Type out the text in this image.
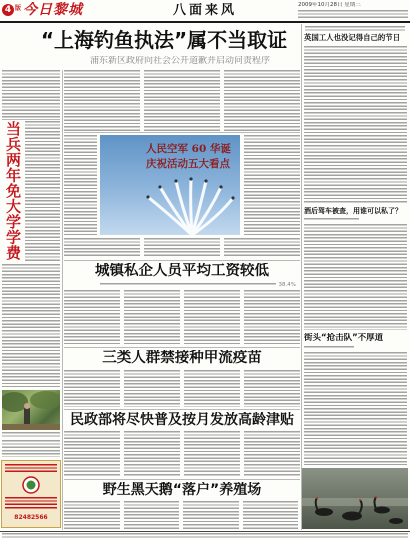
4 版 今日黎城	八面来风	2009年10月28日 星期三
“上海钓鱼执法”属不当取证
浦东新区政府向社会公开道歉并启动问责程序
当兵两年免大学学费
82482566
人民空军 60 华诞
庆祝活动五大看点
城镇私企人员平均工资较低
38.4%
三类人群禁接种甲流疫苗
民政部将尽快普及按月发放高龄津贴
野生黑天鹅“落户”养殖场
英国工人也没记得自己的节日
酒后驾车被查，用谁可以私了？
街头“抢击队”不厚道
